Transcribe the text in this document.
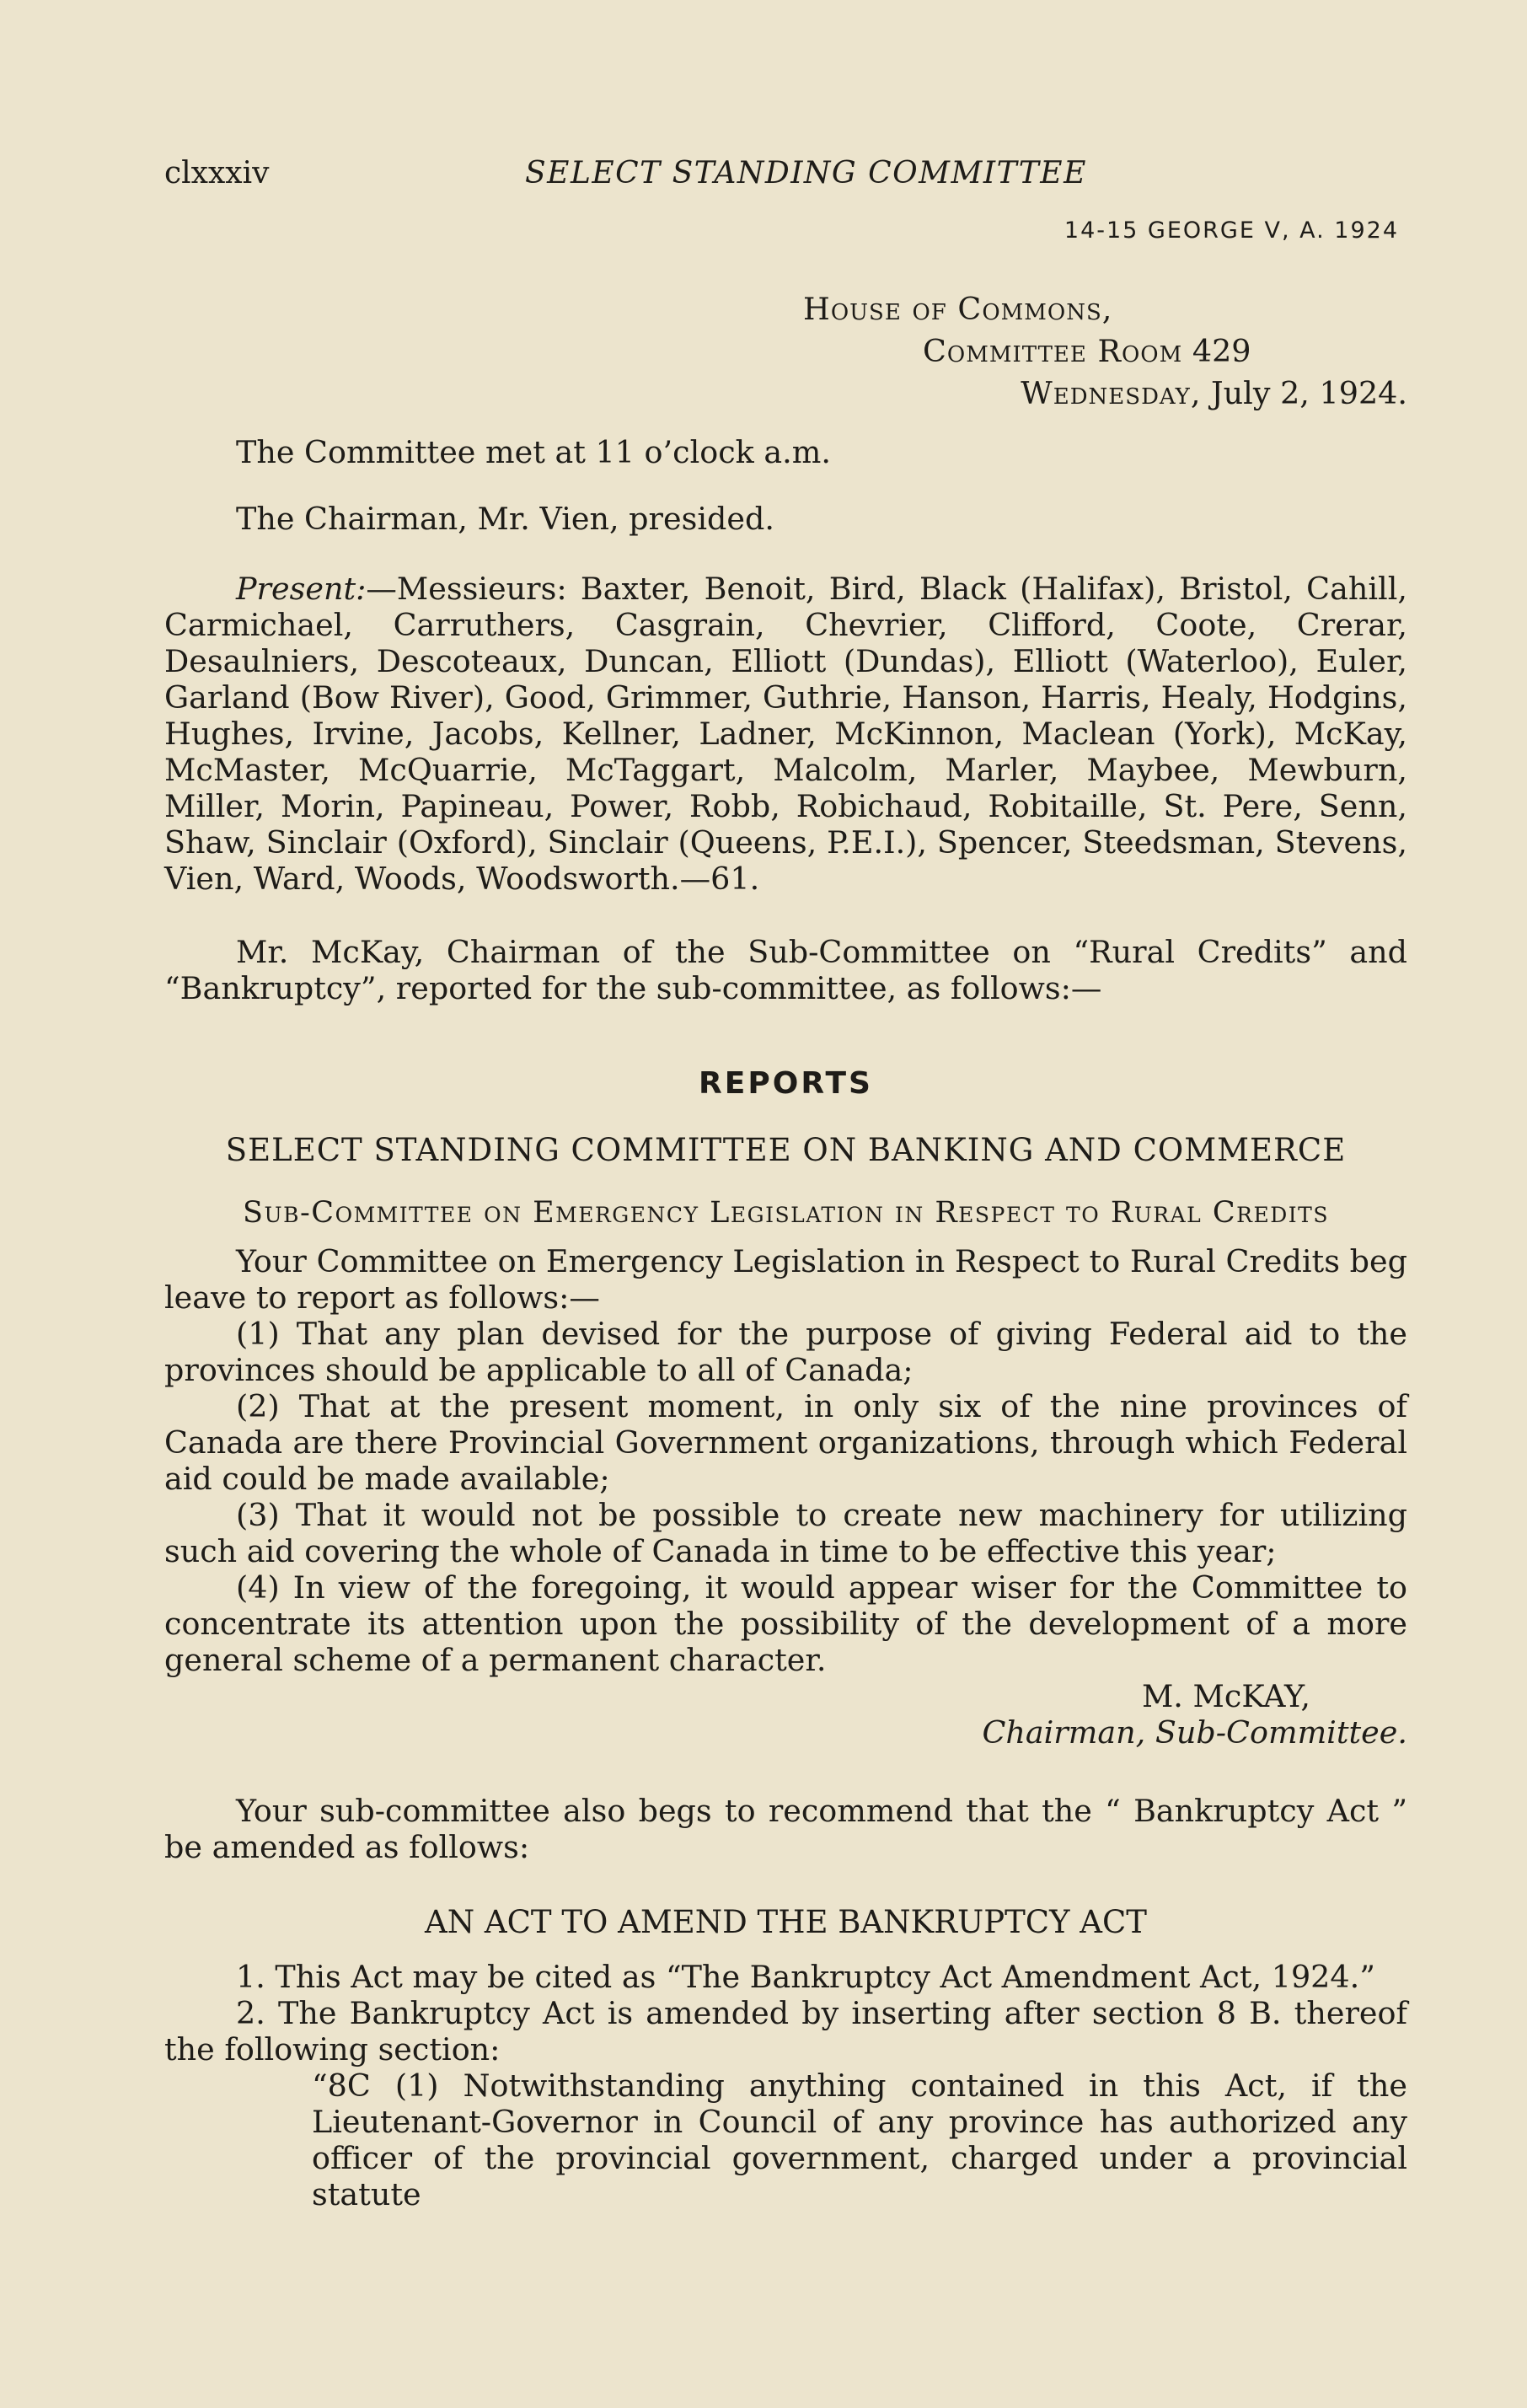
clxxxiv	SELECT STANDING COMMITTEE
14-15 GEORGE V, A. 1924
House of Commons,
Committee Room 429
Wednesday, July 2, 1924.

The Committee met at 11 o’clock a.m.

The Chairman, Mr. Vien, presided.

Present:—Messieurs: Baxter, Benoit, Bird, Black (Halifax), Bristol, Cahill, Carmichael, Carruthers, Casgrain, Chevrier, Clifford, Coote, Crerar, Desaulniers, Descoteaux, Duncan, Elliott (Dundas), Elliott (Waterloo), Euler, Garland (Bow River), Good, Grimmer, Guthrie, Hanson, Harris, Healy, Hodgins, Hughes, Irvine, Jacobs, Kellner, Ladner, McKinnon, Maclean (York), McKay, McMaster, McQuarrie, McTaggart, Malcolm, Marler, Maybee, Mewburn, Miller, Morin, Papineau, Power, Robb, Robichaud, Robitaille, St. Pere, Senn, Shaw, Sinclair (Oxford), Sinclair (Queens, P.E.I.), Spencer, Steedsman, Stevens, Vien, Ward, Woods, Woodsworth.—61.

Mr. McKay, Chairman of the Sub-Committee on “Rural Credits” and “Bankruptcy”, reported for the sub-committee, as follows:—

REPORTS
SELECT STANDING COMMITTEE ON BANKING AND COMMERCE
Sub-Committee on Emergency Legislation in Respect to Rural Credits

Your Committee on Emergency Legislation in Respect to Rural Credits beg leave to report as follows:—

(1) That any plan devised for the purpose of giving Federal aid to the provinces should be applicable to all of Canada;

(2) That at the present moment, in only six of the nine provinces of Canada are there Provincial Government organizations, through which Federal aid could be made available;

(3) That it would not be possible to create new machinery for utilizing such aid covering the whole of Canada in time to be effective this year;

(4) In view of the foregoing, it would appear wiser for the Committee to concentrate its attention upon the possibility of the development of a more general scheme of a permanent character.

M. McKAY,
Chairman, Sub-Committee.

Your sub-committee also begs to recommend that the “ Bankruptcy Act ” be amended as follows:

AN ACT TO AMEND THE BANKRUPTCY ACT

1. This Act may be cited as “The Bankruptcy Act Amendment Act, 1924.”

2. The Bankruptcy Act is amended by inserting after section 8 B. thereof the following section:

“8C (1) Notwithstanding anything contained in this Act, if the Lieutenant-Governor in Council of any province has authorized any officer of the provincial government, charged under a provincial statute
